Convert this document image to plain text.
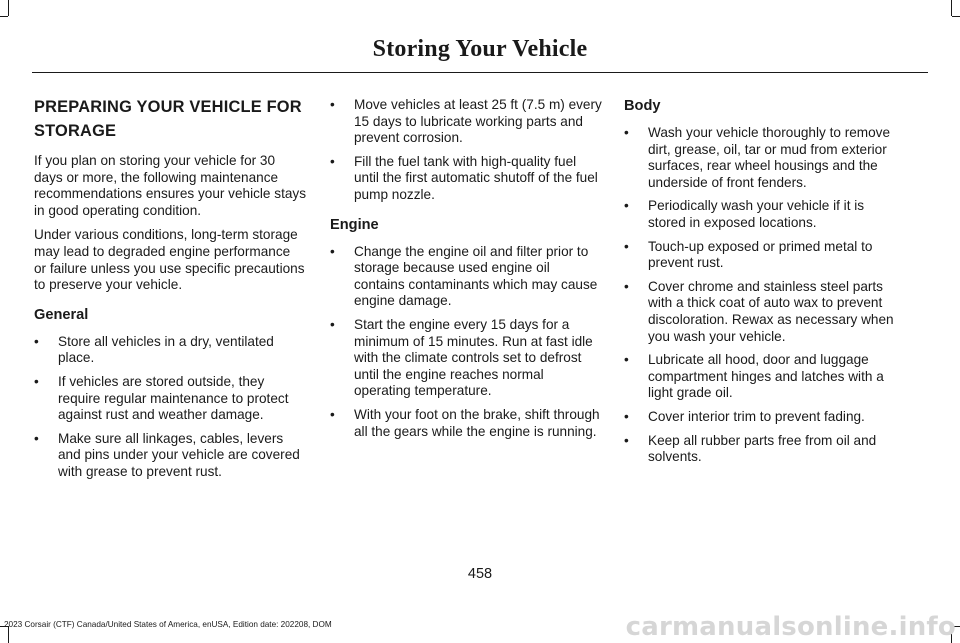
Storing Your Vehicle
PREPARING YOUR VEHICLE FOR
STORAGE

If you plan on storing your vehicle for 30 days or more, the following maintenance recommendations ensures your vehicle stays in good operating condition.

Under various conditions, long-term storage may lead to degraded engine performance or failure unless you use specific precautions to preserve your vehicle.

General
• Store all vehicles in a dry, ventilated place.
• If vehicles are stored outside, they require regular maintenance to protect against rust and weather damage.
• Make sure all linkages, cables, levers and pins under your vehicle are covered with grease to prevent rust.
• Move vehicles at least 25 ft (7.5 m) every 15 days to lubricate working parts and prevent corrosion.
• Fill the fuel tank with high-quality fuel until the first automatic shutoff of the fuel pump nozzle.
Engine
• Change the engine oil and filter prior to storage because used engine oil contains contaminants which may cause engine damage.
• Start the engine every 15 days for a minimum of 15 minutes. Run at fast idle with the climate controls set to defrost until the engine reaches normal operating temperature.
• With your foot on the brake, shift through all the gears while the engine is running.
Body
• Wash your vehicle thoroughly to remove dirt, grease, oil, tar or mud from exterior surfaces, rear wheel housings and the underside of front fenders.
• Periodically wash your vehicle if it is stored in exposed locations.
• Touch-up exposed or primed metal to prevent rust.
• Cover chrome and stainless steel parts with a thick coat of auto wax to prevent discoloration. Rewax as necessary when you wash your vehicle.
• Lubricate all hood, door and luggage compartment hinges and latches with a light grade oil.
• Cover interior trim to prevent fading.
• Keep all rubber parts free from oil and solvents.
458
2023 Corsair (CTF) Canada/United States of America, enUSA, Edition date: 202208, DOM	carmanualsonline.info
